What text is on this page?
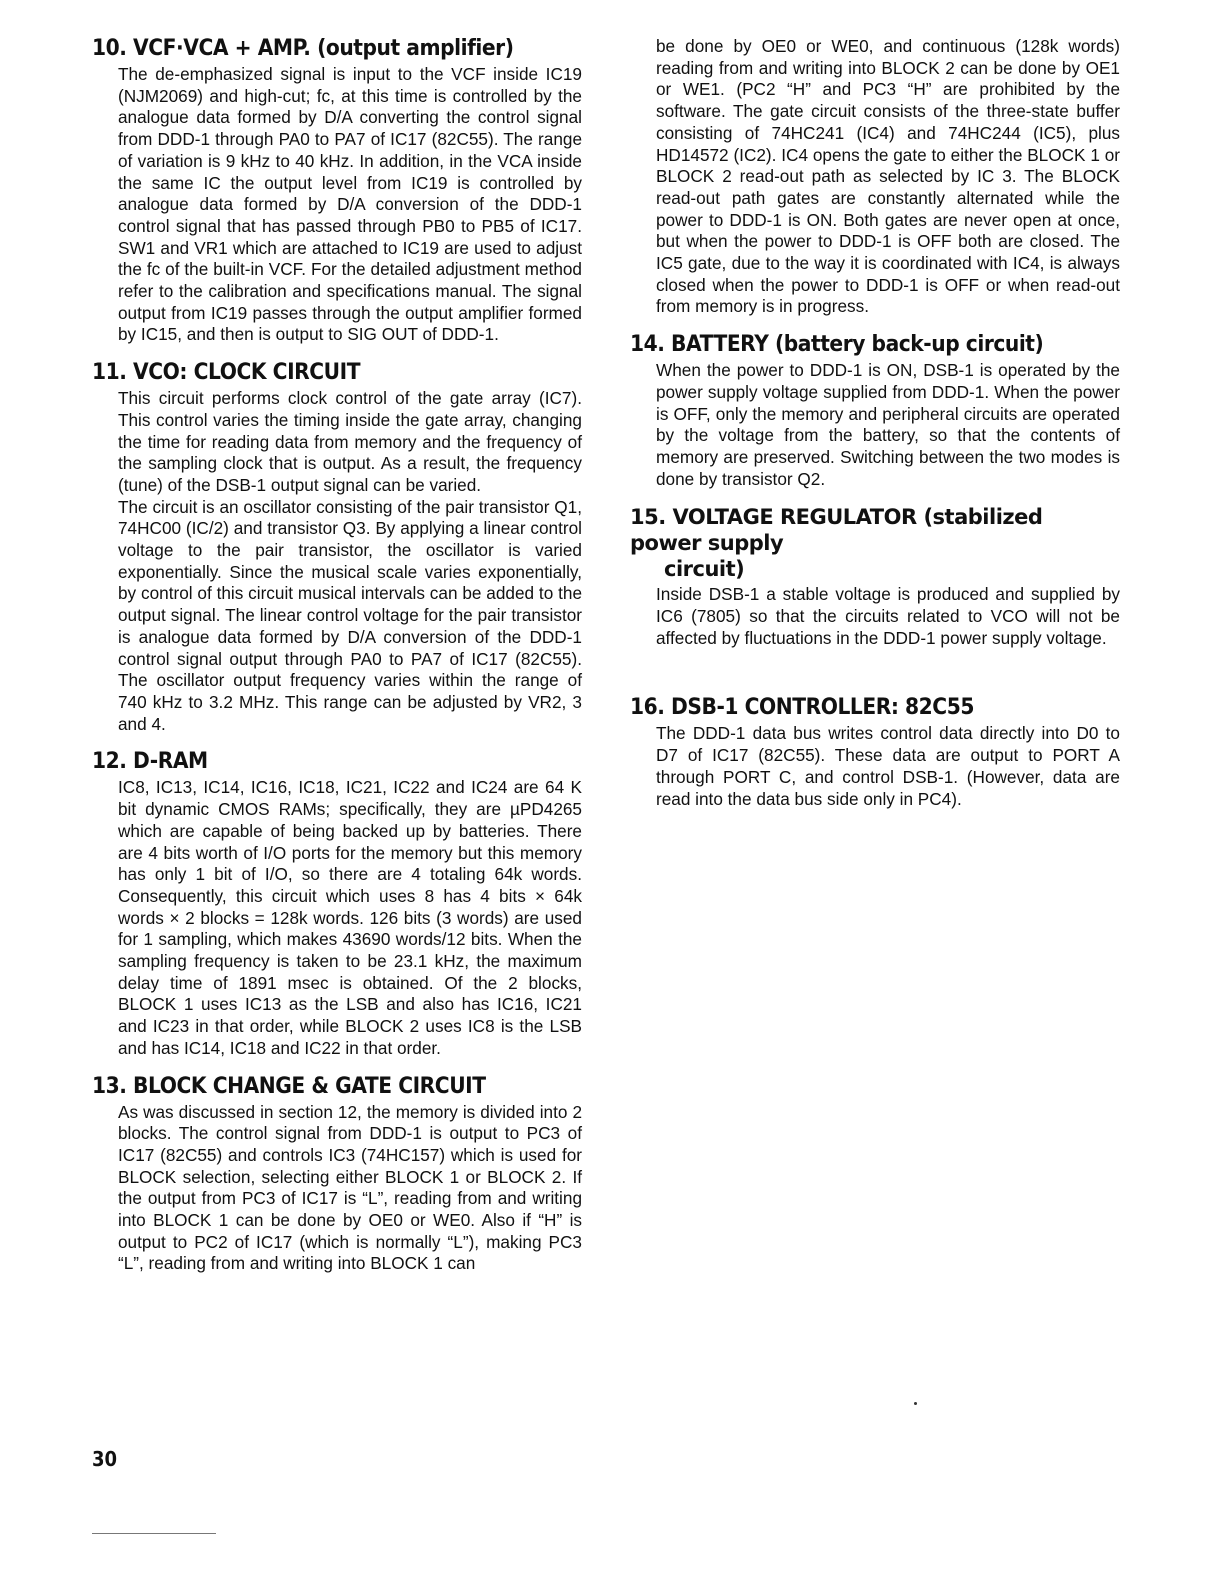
10. VCF·VCA + AMP. (output amplifier)

The de-emphasized signal is input to the VCF inside IC19 (NJM2069) and high-cut; fc, at this time is controlled by the analogue data formed by D/A converting the control signal from DDD-1 through PA0 to PA7 of IC17 (82C55). The range of variation is 9 kHz to 40 kHz. In addition, in the VCA inside the same IC the output level from IC19 is controlled by analogue data formed by D/A conversion of the DDD-1 control signal that has passed through PB0 to PB5 of IC17. SW1 and VR1 which are attached to IC19 are used to adjust the fc of the built-in VCF. For the detailed adjustment method refer to the calibration and specifications manual. The signal output from IC19 passes through the output amplifier formed by IC15, and then is output to SIG OUT of DDD-1.

11. VCO: CLOCK CIRCUIT

This circuit performs clock control of the gate array (IC7). This control varies the timing inside the gate array, changing the time for reading data from memory and the frequency of the sampling clock that is output. As a result, the frequency (tune) of the DSB-1 output signal can be varied.

The circuit is an oscillator consisting of the pair transistor Q1, 74HC00 (IC/2) and transistor Q3. By applying a linear control voltage to the pair transistor, the oscillator is varied exponentially. Since the musical scale varies exponentially, by control of this circuit musical intervals can be added to the output signal. The linear control voltage for the pair transistor is analogue data formed by D/A conversion of the DDD-1 control signal output through PA0 to PA7 of IC17 (82C55). The oscillator output frequency varies within the range of 740 kHz to 3.2 MHz. This range can be adjusted by VR2, 3 and 4.

12. D-RAM

IC8, IC13, IC14, IC16, IC18, IC21, IC22 and IC24 are 64 K bit dynamic CMOS RAMs; specifically, they are µPD4265 which are capable of being backed up by batteries. There are 4 bits worth of I/O ports for the memory but this memory has only 1 bit of I/O, so there are 4 totaling 64k words. Consequently, this circuit which uses 8 has 4 bits × 64k words × 2 blocks = 128k words. 126 bits (3 words) are used for 1 sampling, which makes 43690 words/12 bits. When the sampling frequency is taken to be 23.1 kHz, the maximum delay time of 1891 msec is obtained. Of the 2 blocks, BLOCK 1 uses IC13 as the LSB and also has IC16, IC21 and IC23 in that order, while BLOCK 2 uses IC8 is the LSB and has IC14, IC18 and IC22 in that order.

13. BLOCK CHANGE & GATE CIRCUIT

As was discussed in section 12, the memory is divided into 2 blocks. The control signal from DDD-1 is output to PC3 of IC17 (82C55) and controls IC3 (74HC157) which is used for BLOCK selection, selecting either BLOCK 1 or BLOCK 2. If the output from PC3 of IC17 is “L”, reading from and writing into BLOCK 1 can be done by OE0 or WE0. Also if “H” is output to PC2 of IC17 (which is normally “L”), making PC3 “L”, reading from and writing into BLOCK 1 can

be done by OE0 or WE0, and continuous (128k words) reading from and writing into BLOCK 2 can be done by OE1 or WE1. (PC2 “H” and PC3 “H” are prohibited by the software. The gate circuit consists of the three-state buffer consisting of 74HC241 (IC4) and 74HC244 (IC5), plus HD14572 (IC2). IC4 opens the gate to either the BLOCK 1 or BLOCK 2 read-out path as selected by IC 3. The BLOCK read-out path gates are constantly alternated while the power to DDD-1 is ON. Both gates are never open at once, but when the power to DDD-1 is OFF both are closed. The IC5 gate, due to the way it is coordinated with IC4, is always closed when the power to DDD-1 is OFF or when read-out from memory is in progress.

14. BATTERY (battery back-up circuit)

When the power to DDD-1 is ON, DSB-1 is operated by the power supply voltage supplied from DDD-1. When the power is OFF, only the memory and peripheral circuits are operated by the voltage from the battery, so that the contents of memory are preserved. Switching between the two modes is done by transistor Q2.

15. VOLTAGE REGULATOR (stabilized power supply
circuit)

Inside DSB-1 a stable voltage is produced and supplied by IC6 (7805) so that the circuits related to VCO will not be affected by fluctuations in the DDD-1 power supply voltage.

16. DSB-1 CONTROLLER: 82C55

The DDD-1 data bus writes control data directly into D0 to D7 of IC17 (82C55). These data are output to PORT A through PORT C, and control DSB-1. (However, data are read into the data bus side only in PC4).

30
